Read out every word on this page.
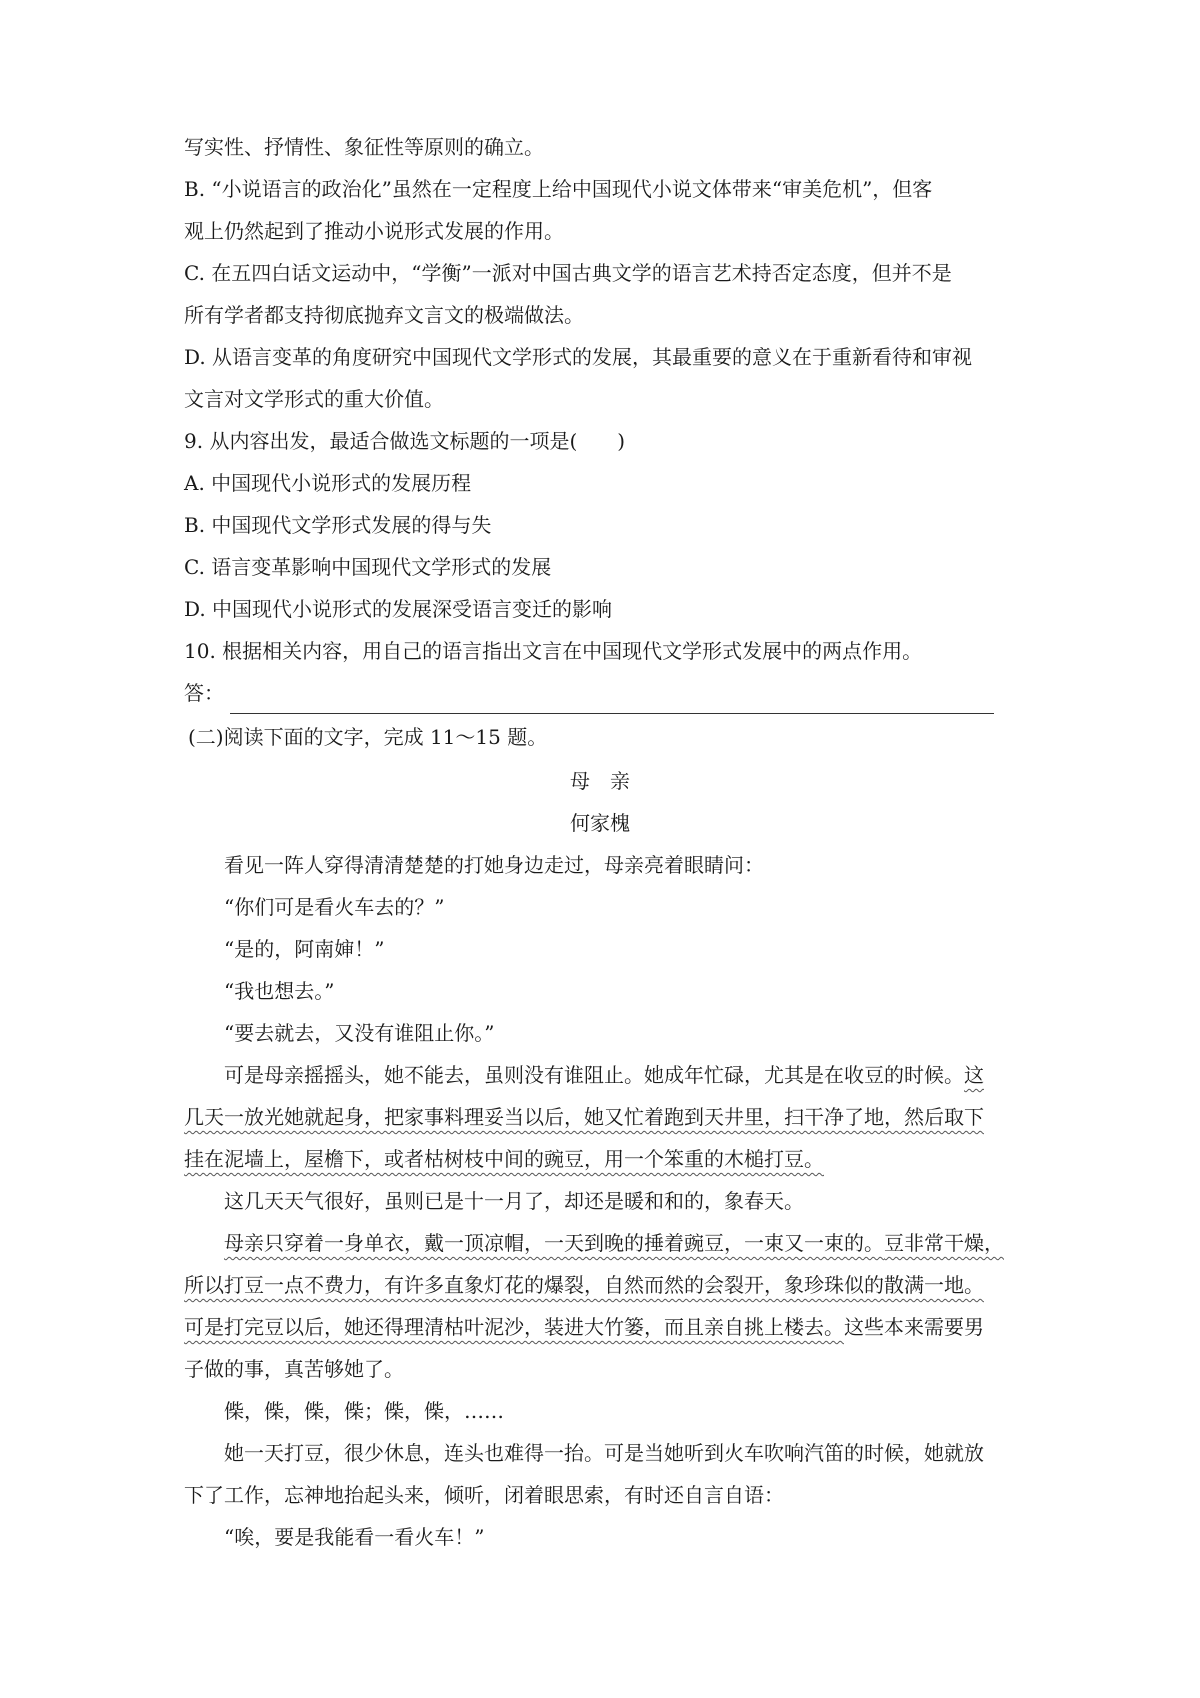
写实性、抒情性、象征性等原则的确立。
B. “小说语言的政治化”虽然在一定程度上给中国现代小说文体带来“审美危机”，但客
观上仍然起到了推动小说形式发展的作用。
C. 在五四白话文运动中，“学衡”一派对中国古典文学的语言艺术持否定态度，但并不是
所有学者都支持彻底抛弃文言文的极端做法。
D. 从语言变革的角度研究中国现代文学形式的发展，其最重要的意义在于重新看待和审视
文言对文学形式的重大价值。
9. 从内容出发，最适合做选文标题的一项是(　　)
A. 中国现代小说形式的发展历程
B. 中国现代文学形式发展的得与失
C. 语言变革影响中国现代文学形式的发展
D. 中国现代小说形式的发展深受语言变迁的影响
10. 根据相关内容，用自己的语言指出文言在中国现代文学形式发展中的两点作用。
答：
(二)阅读下面的文字，完成 11～15 题。
母　亲
何家槐
看见一阵人穿得清清楚楚的打她身边走过，母亲亮着眼睛问：
“你们可是看火车去的？”
“是的，阿南婶！”
“我也想去。”
“要去就去，又没有谁阻止你。”
可是母亲摇摇头，她不能去，虽则没有谁阻止。她成年忙碌，尤其是在收豆的时候。这
几天一放光她就起身，把家事料理妥当以后，她又忙着跑到天井里，扫干净了地，然后取下
挂在泥墙上，屋檐下，或者枯树枝中间的豌豆，用一个笨重的木槌打豆。
这几天天气很好，虽则已是十一月了，却还是暖和和的，象春天。
母亲只穿着一身单衣，戴一顶凉帽，一天到晚的捶着豌豆，一束又一束的。豆非常干燥，
所以打豆一点不费力，有许多直象灯花的爆裂，自然而然的会裂开，象珍珠似的散满一地。
可是打完豆以后，她还得理清枯叶泥沙，装进大竹篓，而且亲自挑上楼去。这些本来需要男
子做的事，真苦够她了。
偨，偨，偨，偨；偨，偨，……
她一天打豆，很少休息，连头也难得一抬。可是当她听到火车吹响汽笛的时候，她就放
下了工作，忘神地抬起头来，倾听，闭着眼思索，有时还自言自语：
“唉，要是我能看一看火车！”
